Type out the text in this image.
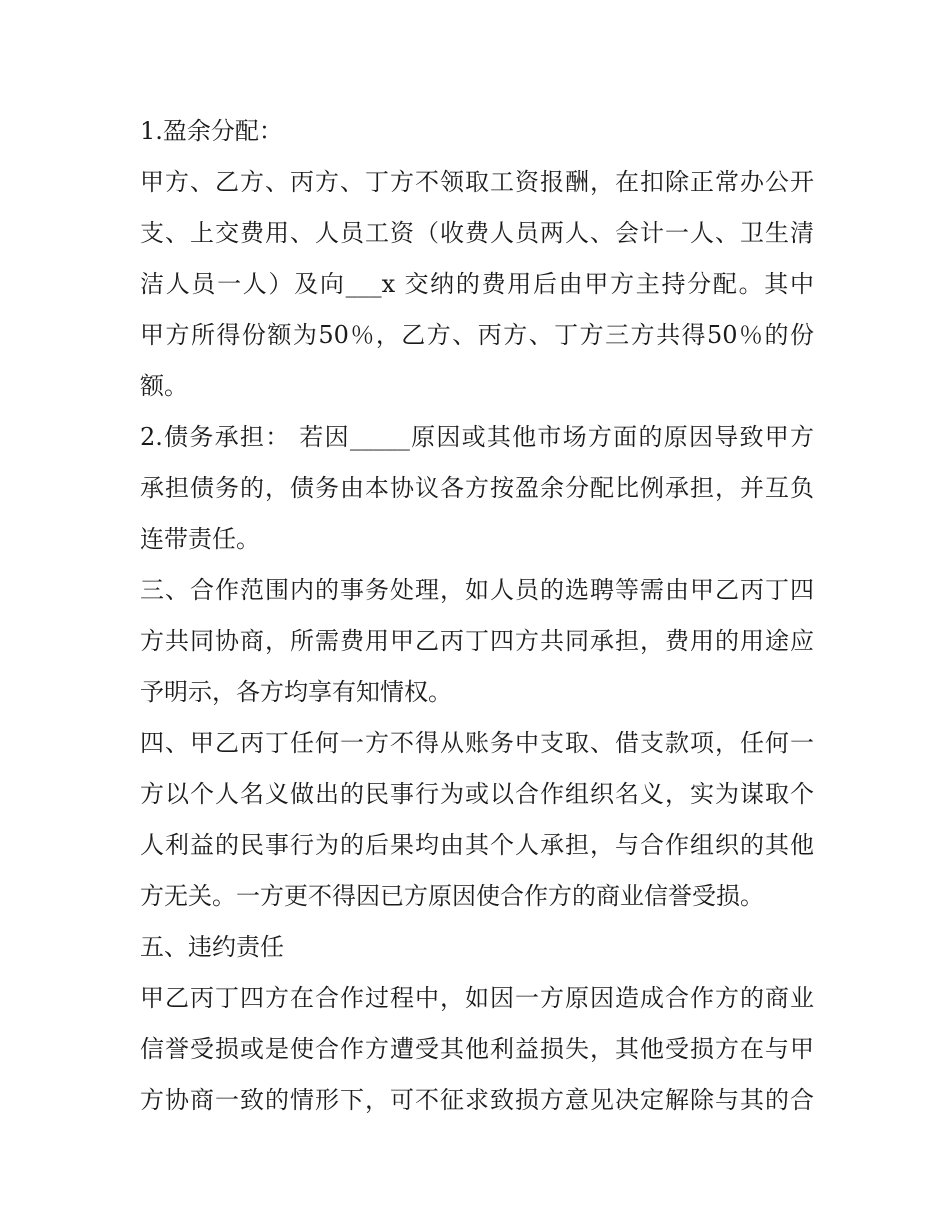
1.盈余分配：
甲方、乙方、丙方、丁方不领取工资报酬，在扣除正常办公开
支、上交费用、人员工资（收费人员两人、会计一人、卫生清
洁人员一人）及向___x 交纳的费用后由甲方主持分配。其中
甲方所得份额为50％，乙方、丙方、丁方三方共得50％的份
额。
2.债务承担： 若因_____原因或其他市场方面的原因导致甲方
承担债务的，债务由本协议各方按盈余分配比例承担，并互负
连带责任。
三、合作范围内的事务处理，如人员的选聘等需由甲乙丙丁四
方共同协商，所需费用甲乙丙丁四方共同承担，费用的用途应
予明示，各方均享有知情权。
四、甲乙丙丁任何一方不得从账务中支取、借支款项，任何一
方以个人名义做出的民事行为或以合作组织名义，实为谋取个
人利益的民事行为的后果均由其个人承担，与合作组织的其他
方无关。一方更不得因已方原因使合作方的商业信誉受损。
五、违约责任
甲乙丙丁四方在合作过程中，如因一方原因造成合作方的商业
信誉受损或是使合作方遭受其他利益损失，其他受损方在与甲
方协商一致的情形下，可不征求致损方意见决定解除与其的合
